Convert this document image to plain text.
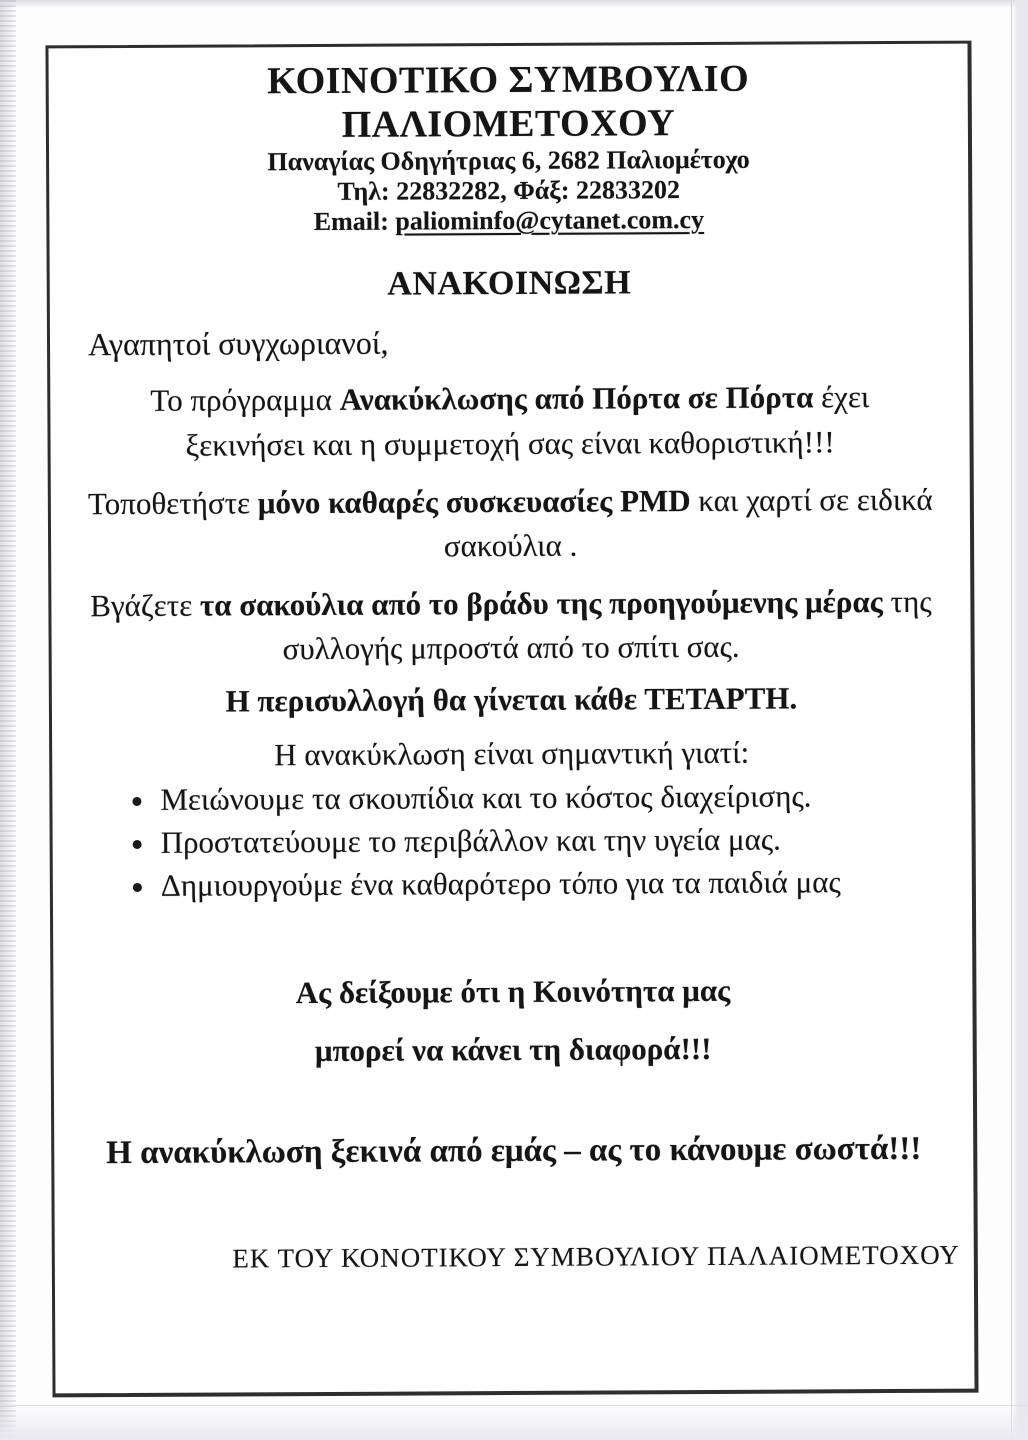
ΚΟΙΝΟΤΙΚΟ ΣΥΜΒΟΥΛΙΟ
ΠΑΛΙΟΜΕΤΟΧΟΥ
Παναγίας Οδηγήτριας 6, 2682 Παλιομέτοχο
Τηλ: 22832282, Φάξ: 22833202
Email: paliominfo@cytanet.com.cy
ΑΝΑΚΟΙΝΩΣΗ
Αγαπητοί συγχωριανοί,

Το πρόγραμμα Ανακύκλωσης από Πόρτα σε Πόρτα έχει ξεκινήσει και η συμμετοχή σας είναι καθοριστική!!!

Τοποθετήστε μόνο καθαρές συσκευασίες PMD και χαρτί σε ειδικά σακούλια .

Βγάζετε τα σακούλια από το βράδυ της προηγούμενης μέρας της συλλογής μπροστά από το σπίτι σας.

Η περισυλλογή θα γίνεται κάθε ΤΕΤΑΡΤΗ.

Η ανακύκλωση είναι σημαντική γιατί:

Μειώνουμε τα σκουπίδια και το κόστος διαχείρισης.
Προστατεύουμε το περιβάλλον και την υγεία μας.
Δημιουργούμε ένα καθαρότερο τόπο για τα παιδιά μας
Ας δείξουμε ότι η Κοινότητα μας
μπορεί να κάνει τη διαφορά!!!

Η ανακύκλωση ξεκινά από εμάς – ας το κάνουμε σωστά!!!

ΕΚ ΤΟΥ ΚΟΝΟΤΙΚΟΥ ΣΥΜΒΟΥΛΙΟΥ ΠΑΛΑΙΟΜΕΤΟΧΟΥ
